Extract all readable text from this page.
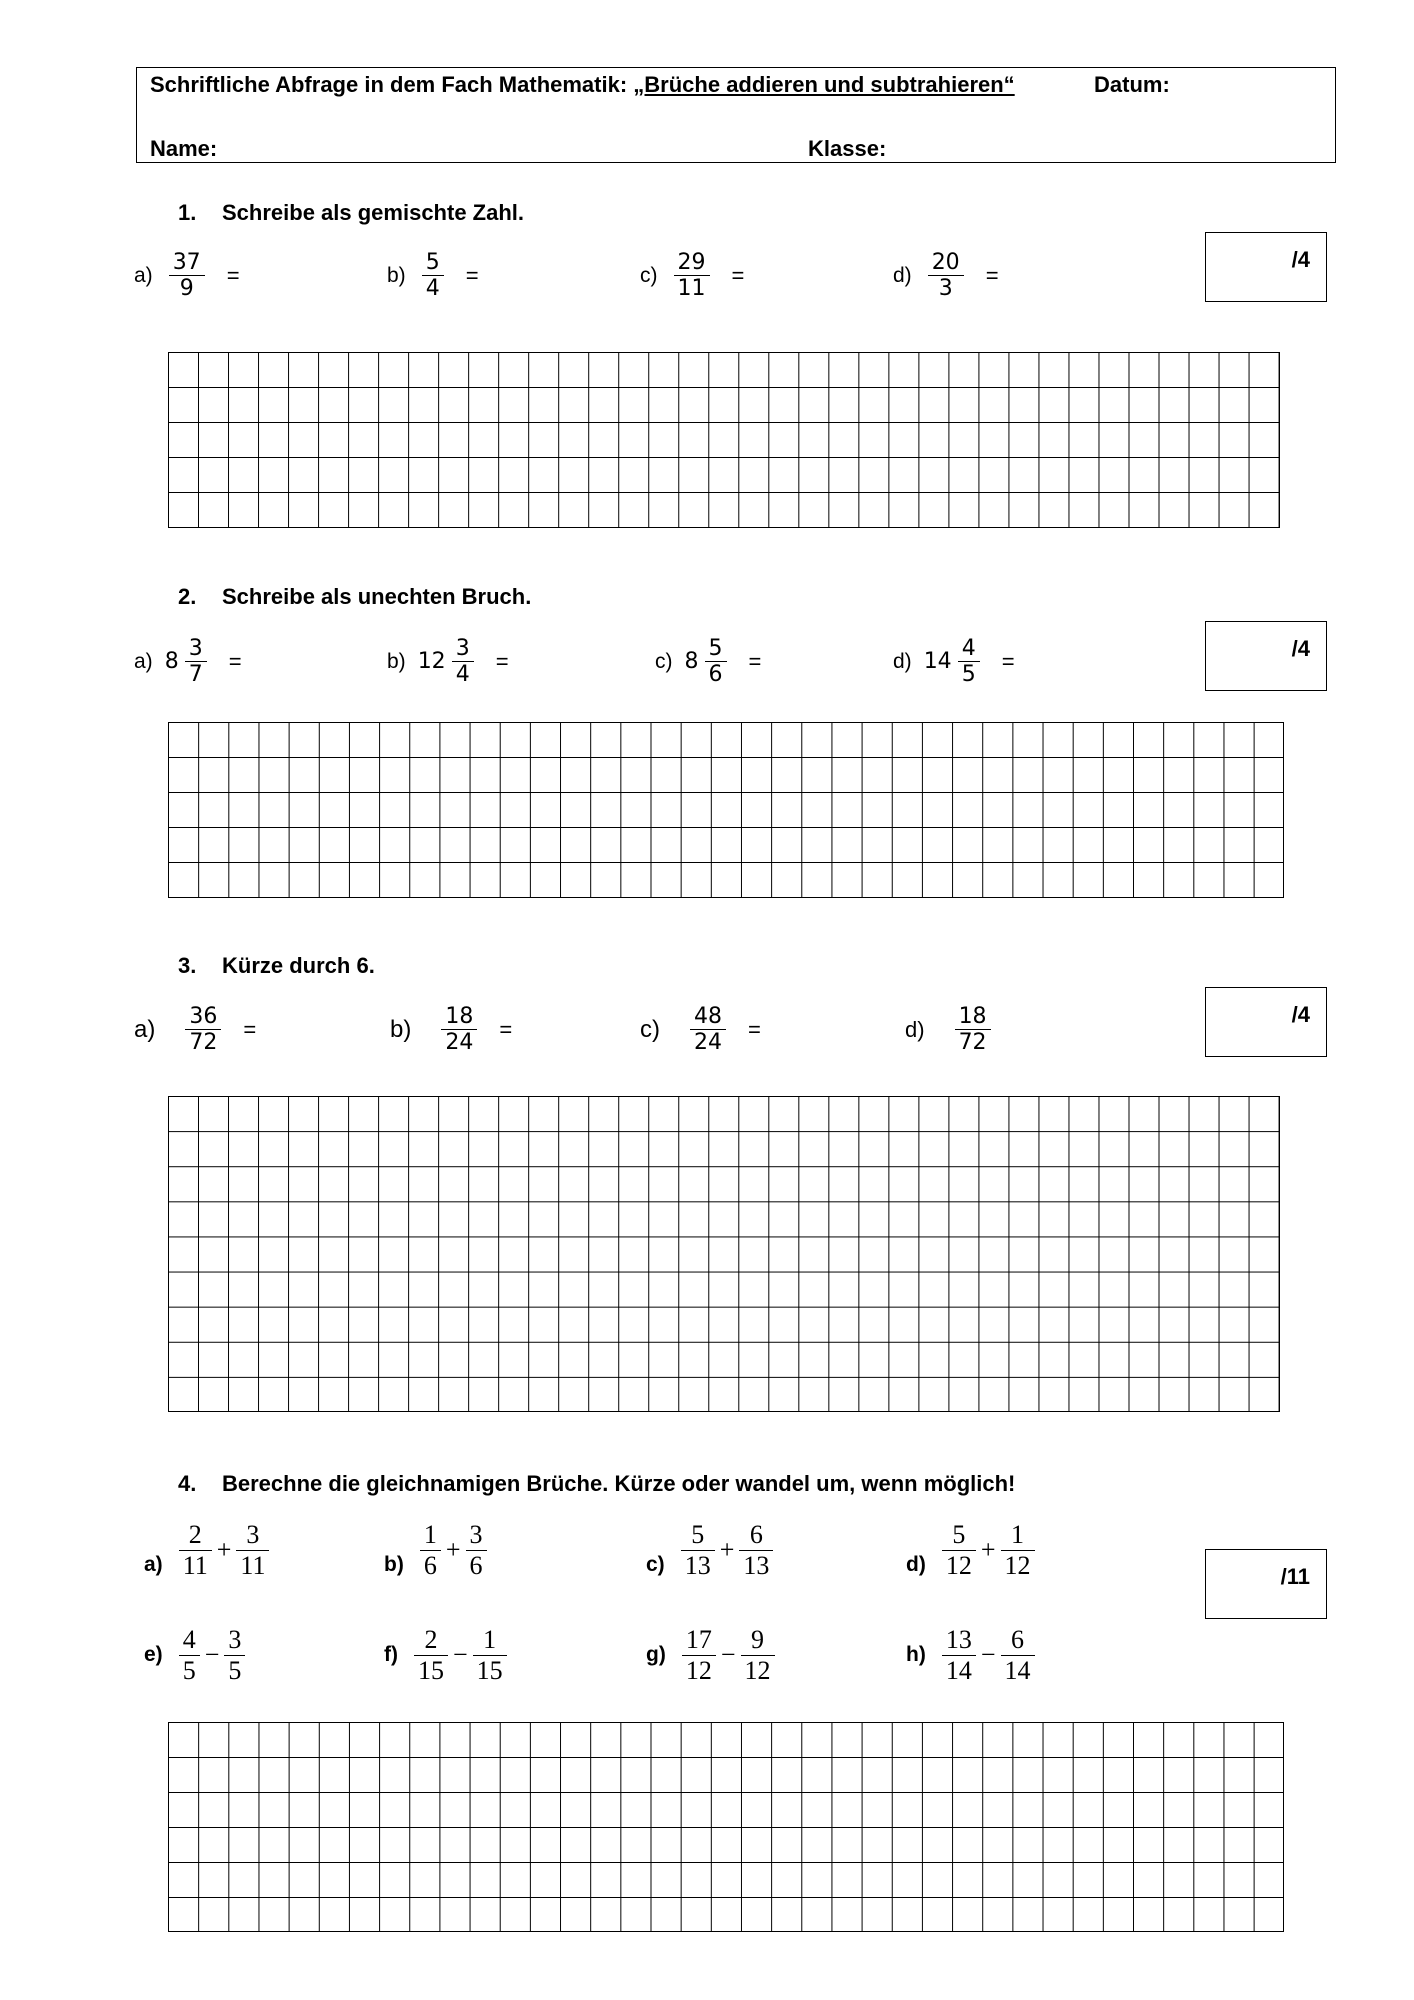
Schriftliche Abfrage in dem Fach Mathematik: „Brüche addieren und subtrahieren“	Datum:
Name:	Klasse:
1. Schreibe als gemischte Zahl.
/4
$a) \frac{37}{9}$ =	$b) \frac{5}{4}$ =	$c) \frac{29}{11}$ =	$d) \frac{20}{3}$ =
2. Schreibe als unechten Bruch.
/4
a) $8 \frac{3}{7}$ =	b) $12 \frac{3}{4}$ =	c) $8 \frac{5}{6}$ =	d) $14 \frac{4}{5}$ =
3. Kürze durch 6.
/4
$a) \frac{36}{72}$ =	$b) \frac{18}{24}$ =	$c) \frac{48}{24}$ =	$d) \frac{18}{72}$
4. Berechne die gleichnamigen Brüche. Kürze oder wandel um, wenn möglich!
/11
$a) \frac{2}{11} + \frac{3}{11}$	$b) \frac{1}{6} + \frac{3}{6}$	$c) \frac{5}{13} + \frac{6}{13}$	$d) \frac{5}{12} + \frac{1}{12}$
$e) \frac{4}{5} - \frac{3}{5}$	$f) \frac{2}{15} - \frac{1}{15}$	$g) \frac{17}{12} - \frac{9}{12}$	$h) \frac{13}{14} - \frac{6}{14}$
